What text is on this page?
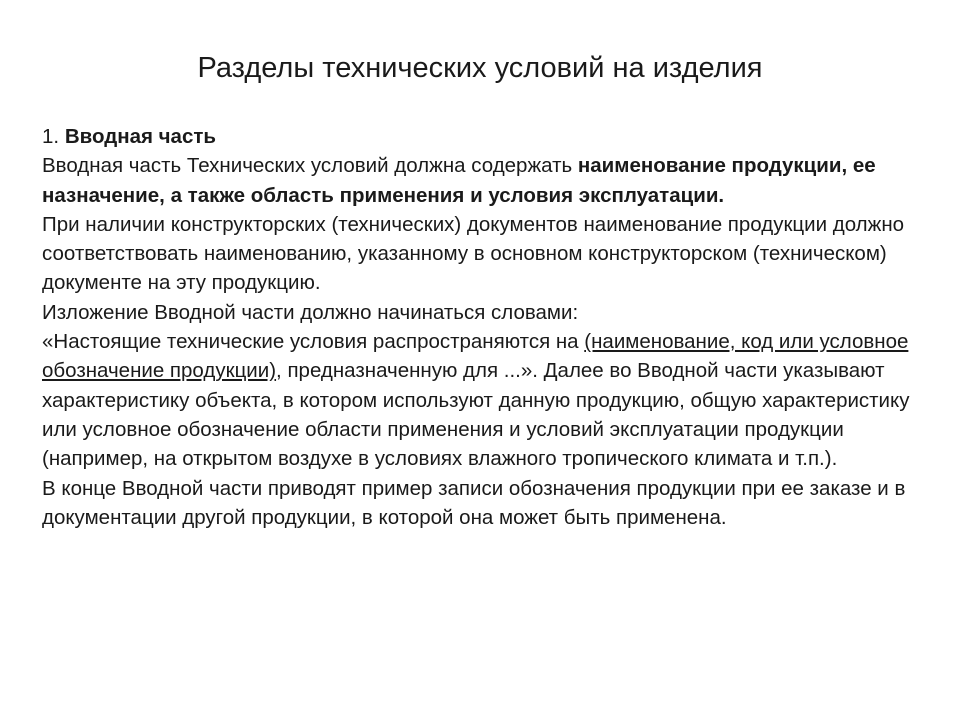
Разделы технических условий на изделия

1. Вводная часть

Вводная часть Технических условий должна содержать наименование продукции, ее назначение, а также область применения и условия эксплуатации.

При наличии конструкторских (технических) документов наименование продукции должно соответствовать наименованию, указанному в основном конструкторском (техническом) документе на эту продукцию.

Изложение Вводной части должно начинаться словами:

«Настоящие технические условия распространяются на (наименование, код или условное обозначение продукции), предназначенную для ...». Далее во Вводной части указывают характеристику объекта, в котором используют данную продукцию, общую характеристику или условное обозначение области применения и условий эксплуатации продукции (например, на открытом воздухе в условиях влажного тропического климата и т.п.).

В конце Вводной части приводят пример записи обозначения продукции при ее заказе и в документации другой продукции, в которой она может быть применена.
